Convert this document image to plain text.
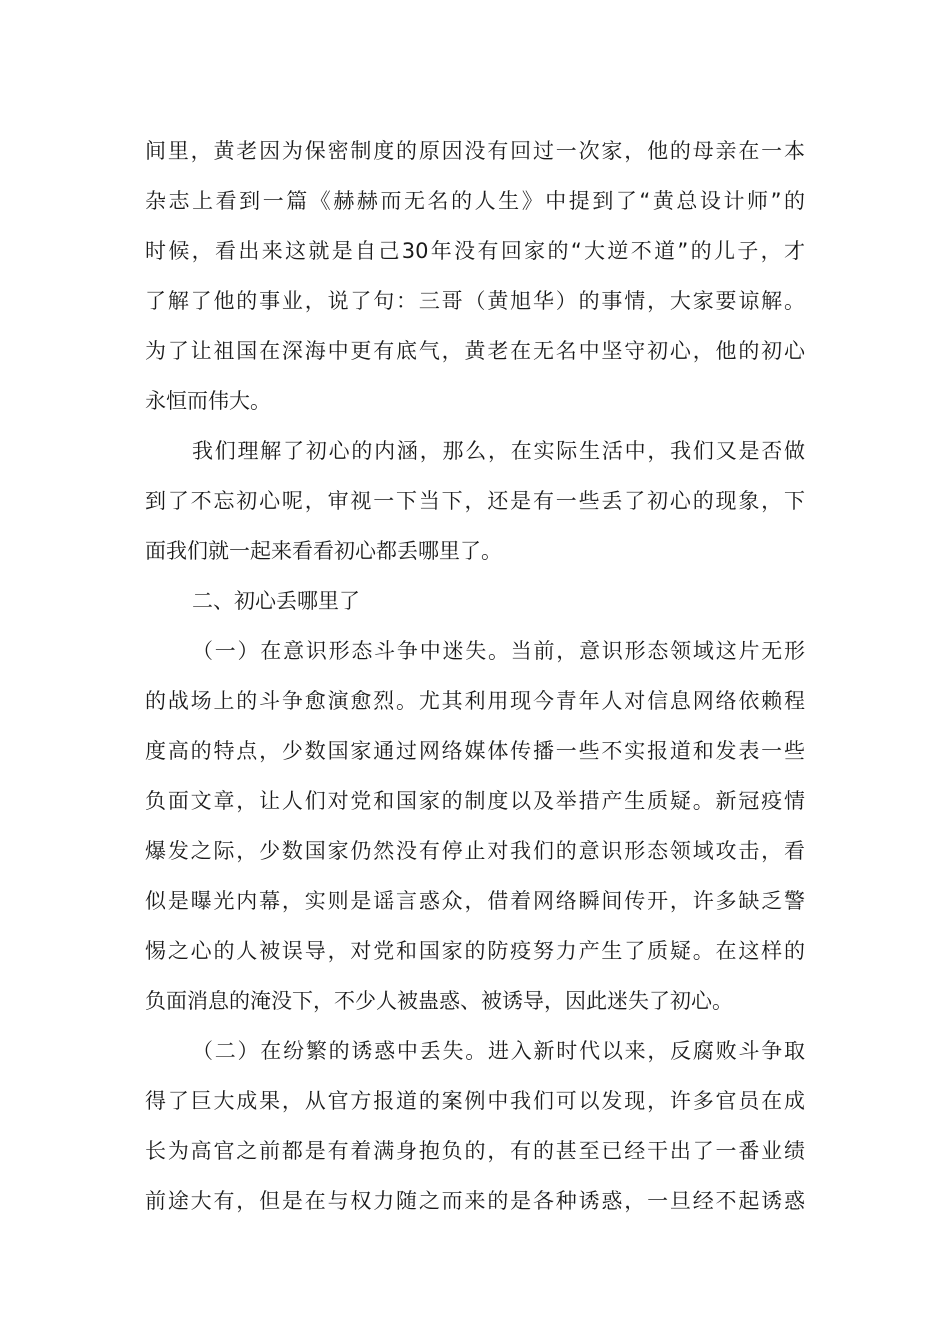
间里，黄老因为保密制度的原因没有回过一次家，他的母亲在一本
杂志上看到一篇《赫赫而无名的人生》中提到了“黄总设计师”的
时候，看出来这就是自己30年没有回家的“大逆不道”的儿子，才
了解了他的事业，说了句：三哥（黄旭华）的事情，大家要谅解。
为了让祖国在深海中更有底气，黄老在无名中坚守初心，他的初心
永恒而伟大。
我们理解了初心的内涵，那么，在实际生活中，我们又是否做
到了不忘初心呢，审视一下当下，还是有一些丢了初心的现象，下
面我们就一起来看看初心都丢哪里了。
二、初心丢哪里了
（一）在意识形态斗争中迷失。当前，意识形态领域这片无形
的战场上的斗争愈演愈烈。尤其利用现今青年人对信息网络依赖程
度高的特点，少数国家通过网络媒体传播一些不实报道和发表一些
负面文章，让人们对党和国家的制度以及举措产生质疑。新冠疫情
爆发之际，少数国家仍然没有停止对我们的意识形态领域攻击，看
似是曝光内幕，实则是谣言惑众，借着网络瞬间传开，许多缺乏警
惕之心的人被误导，对党和国家的防疫努力产生了质疑。在这样的
负面消息的淹没下，不少人被蛊惑、被诱导，因此迷失了初心。
（二）在纷繁的诱惑中丢失。进入新时代以来，反腐败斗争取
得了巨大成果，从官方报道的案例中我们可以发现，许多官员在成
长为高官之前都是有着满身抱负的，有的甚至已经干出了一番业绩
前途大有，但是在与权力随之而来的是各种诱惑，一旦经不起诱惑
